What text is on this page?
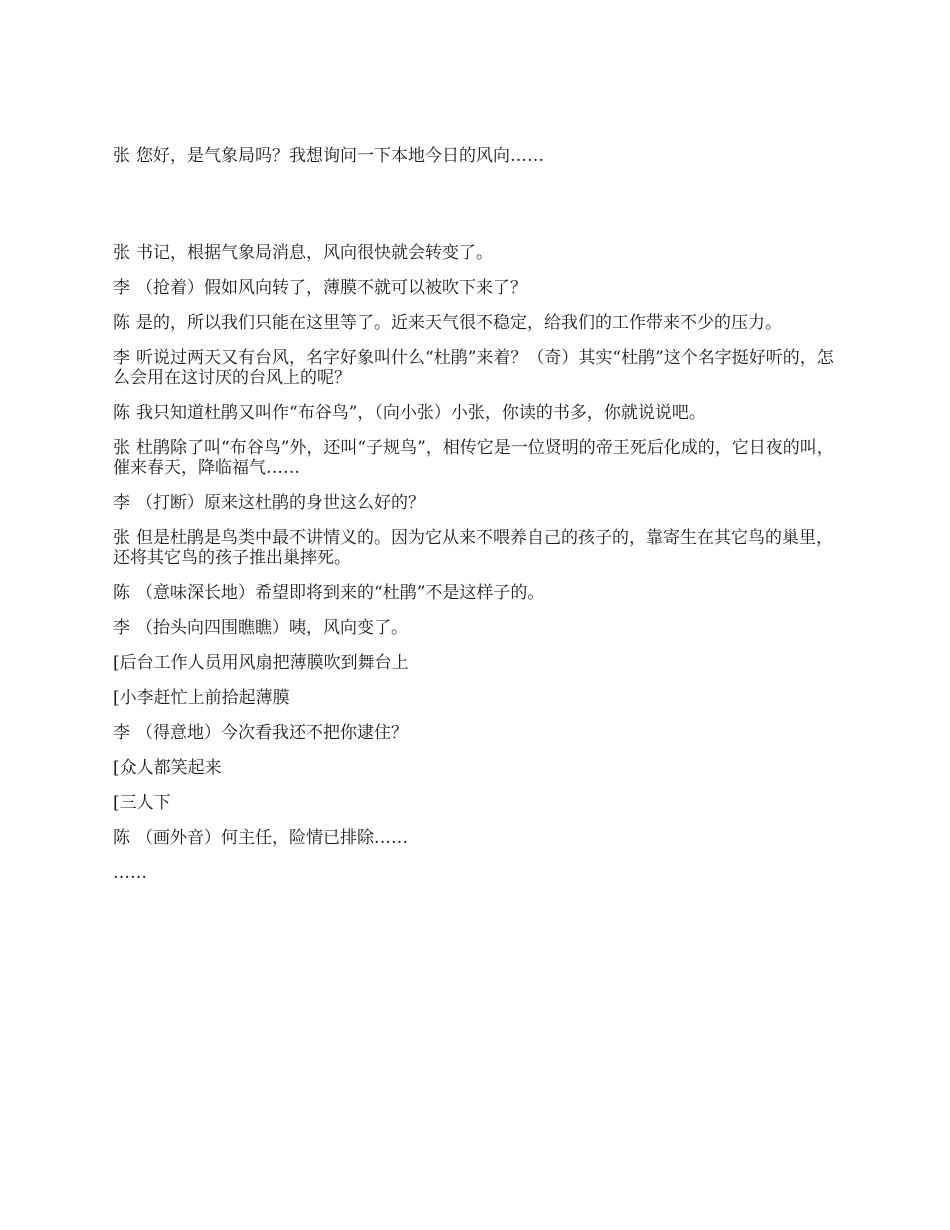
张 您好，是气象局吗？我想询问一下本地今日的风向……

张 书记，根据气象局消息，风向很快就会转变了。

李 （抢着）假如风向转了，薄膜不就可以被吹下来了？

陈 是的，所以我们只能在这里等了。近来天气很不稳定，给我们的工作带来不少的压力。

李 听说过两天又有台风，名字好象叫什么“杜鹃”来着？（奇）其实“杜鹃”这个名字挺好听的，怎么会用在这讨厌的台风上的呢？

陈 我只知道杜鹃又叫作“布谷鸟”，（向小张）小张，你读的书多，你就说说吧。

张 杜鹃除了叫“布谷鸟”外，还叫“子规鸟”，相传它是一位贤明的帝王死后化成的，它日夜的叫，催来春天，降临福气……

李 （打断）原来这杜鹃的身世这么好的？

张 但是杜鹃是鸟类中最不讲情义的。因为它从来不喂养自己的孩子的，靠寄生在其它鸟的巢里，还将其它鸟的孩子推出巢摔死。

陈 （意味深长地）希望即将到来的“杜鹃”不是这样子的。

李 （抬头向四围瞧瞧）咦，风向变了。

[后台工作人员用风扇把薄膜吹到舞台上

[小李赶忙上前拾起薄膜

李 （得意地）今次看我还不把你逮住？

[众人都笑起来

[三人下

陈 （画外音）何主任，险情已排除……

……
